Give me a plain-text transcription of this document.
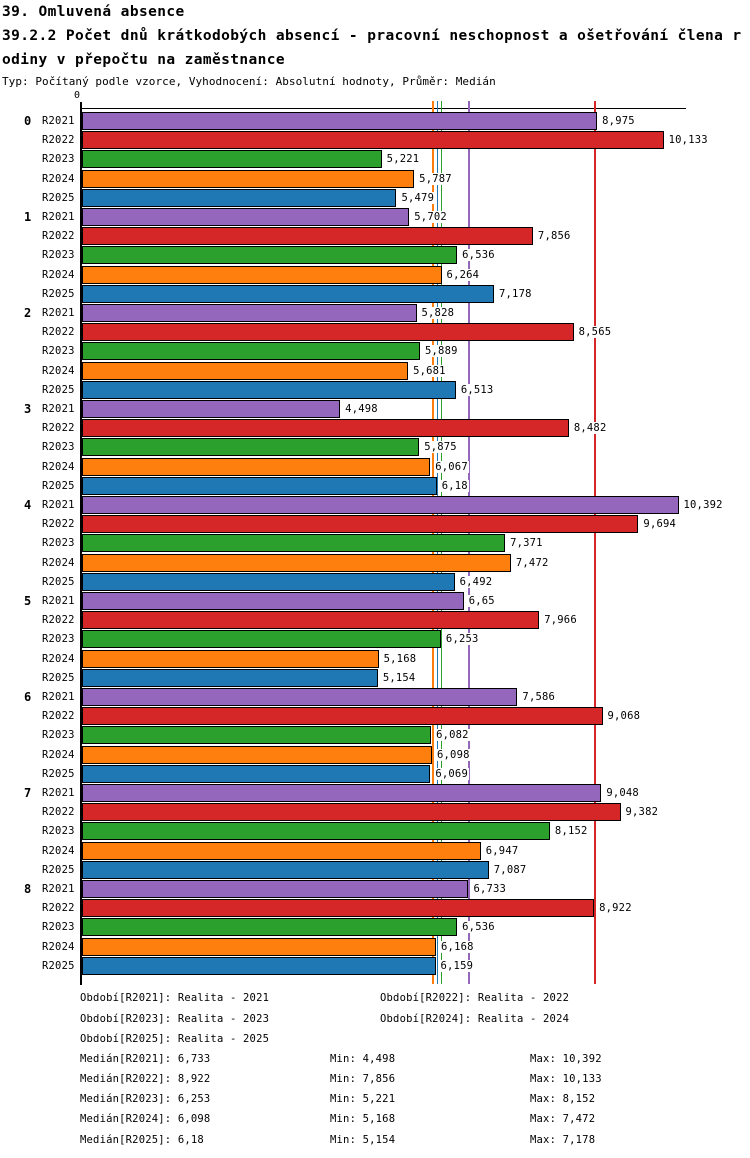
39. Omluvená absence
39.2.2 Počet dnů krátkodobých absencí - pracovní neschopnost a ošetřování člena r
odiny v přepočtu na zaměstnance
Typ: Počítaný podle vzorce, Vyhodnocení: Absolutní hodnoty, Průměr: Medián
0
0 R2021	8,975
R2022	10,133
R2023	5,221
R2024	5,787
R2025	5,479
1 R2021	5,702
R2022	7,856
R2023	6,536
R2024	6,264
R2025	7,178
2 R2021	5,828
R2022	8,565
R2023	5,889
R2024	5,681
R2025	6,513
3 R2021	4,498
R2022	8,482
R2023	5,875
R2024	6,067
R2025	6,18
4 R2021	10,392
R2022	9,694
R2023	7,371
R2024	7,472
R2025	6,492
5 R2021	6,65
R2022	7,966
R2023	6,253
R2024	5,168
R2025	5,154
6 R2021	7,586
R2022	9,068
R2023	6,082
R2024	6,098
R2025	6,069
7 R2021	9,048
R2022	9,382
R2023	8,152
R2024	6,947
R2025	7,087
8 R2021	6,733
R2022	8,922
R2023	6,536
R2024	6,168
R2025	6,159
Období[R2021]: Realita - 2021	Období[R2022]: Realita - 2022
Období[R2023]: Realita - 2023	Období[R2024]: Realita - 2024
Období[R2025]: Realita - 2025
Medián[R2021]: 6,733	Min: 4,498	Max: 10,392
Medián[R2022]: 8,922	Min: 7,856	Max: 10,133
Medián[R2023]: 6,253	Min: 5,221	Max: 8,152
Medián[R2024]: 6,098	Min: 5,168	Max: 7,472
Medián[R2025]: 6,18	Min: 5,154	Max: 7,178
